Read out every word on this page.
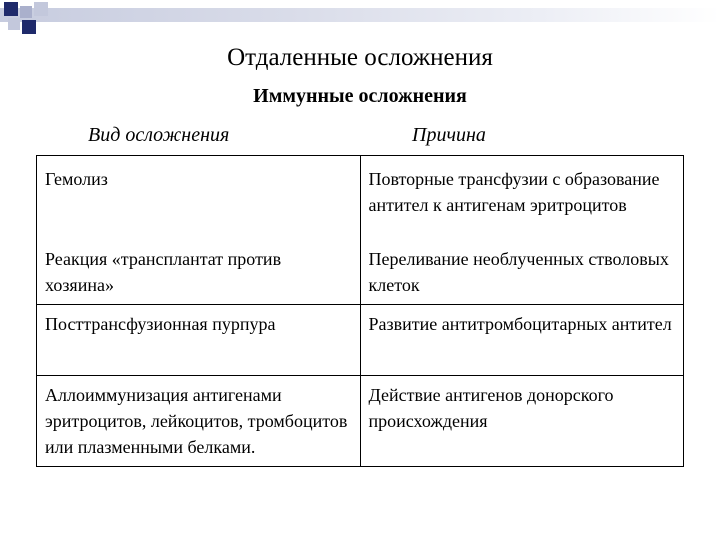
Отдаленные осложнения
Иммунные осложнения
Вид осложнения	Причина
Гемолиз	Повторные трансфузии с образование антител к антигенам эритроцитов
Реакция «трансплантат против хозяина»	Переливание необлученных стволовых клеток
Посттрансфузионная пурпура	Развитие антитромбоцитарных антител
Аллоиммунизация антигенами эритроцитов, лейкоцитов, тромбоцитов или плазменными белками.	Действие антигенов донорского происхождения
